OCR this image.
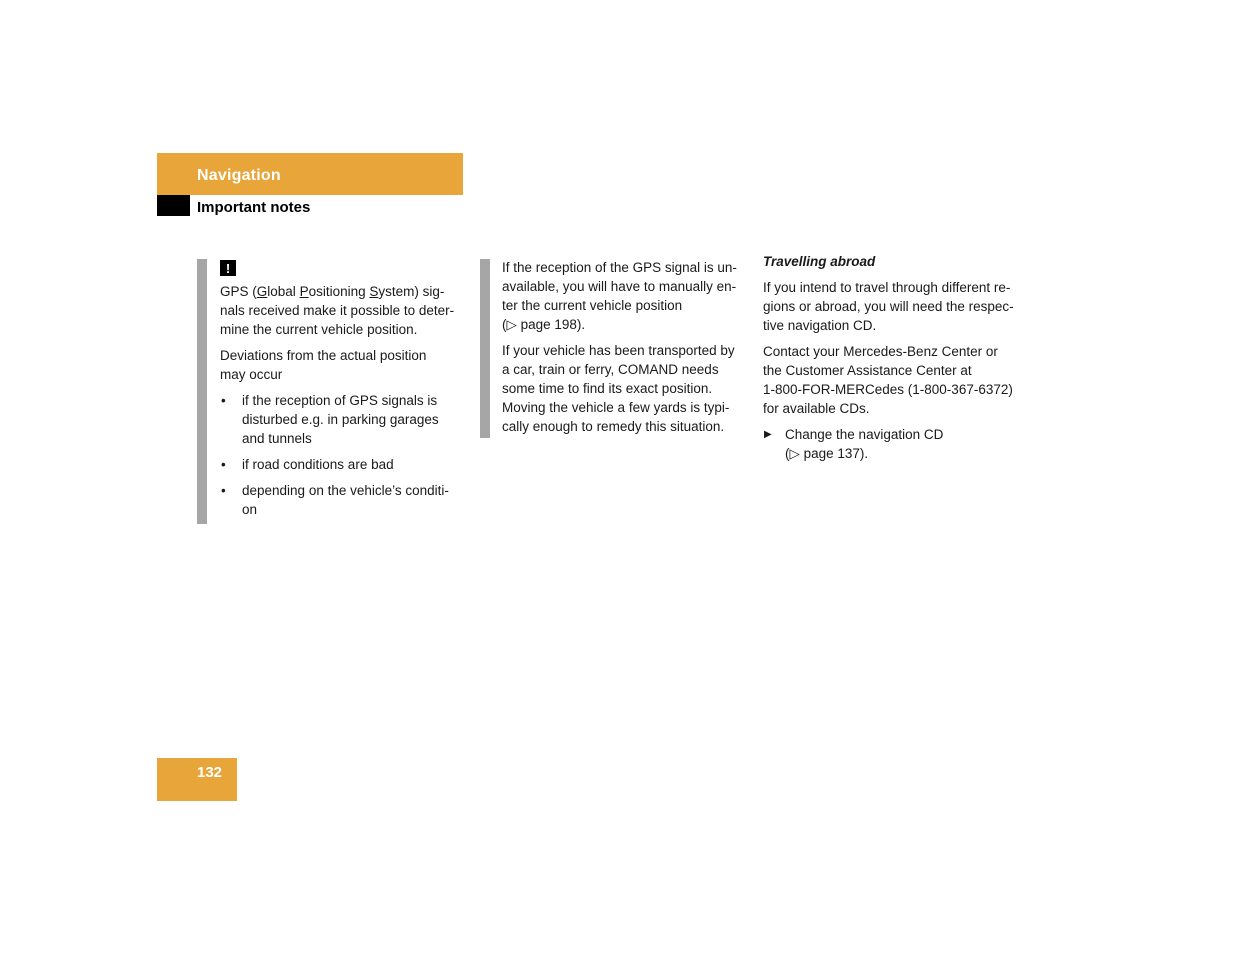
Navigation
Important notes
!

GPS (Global Positioning System) sig-
nals received make it possible to deter-
mine the current vehicle position.

Deviations from the actual position
may occur

• if the reception of GPS signals is
disturbed e.g. in parking garages
and tunnels
• if road conditions are bad
• depending on the vehicle’s conditi-
on

If the reception of the GPS signal is un-
available, you will have to manually en-
ter the current vehicle position
(▷ page 198).

If your vehicle has been transported by
a car, train or ferry, COMAND needs
some time to find its exact position.
Moving the vehicle a few yards is typi-
cally enough to remedy this situation.

Travelling abroad

If you intend to travel through different re-
gions or abroad, you will need the respec-
tive navigation CD.

Contact your Mercedes-Benz Center or
the Customer Assistance Center at
1-800-FOR-MERCedes (1-800-367-6372)
for available CDs.

▶ Change the navigation CD
(▷ page 137).
132
